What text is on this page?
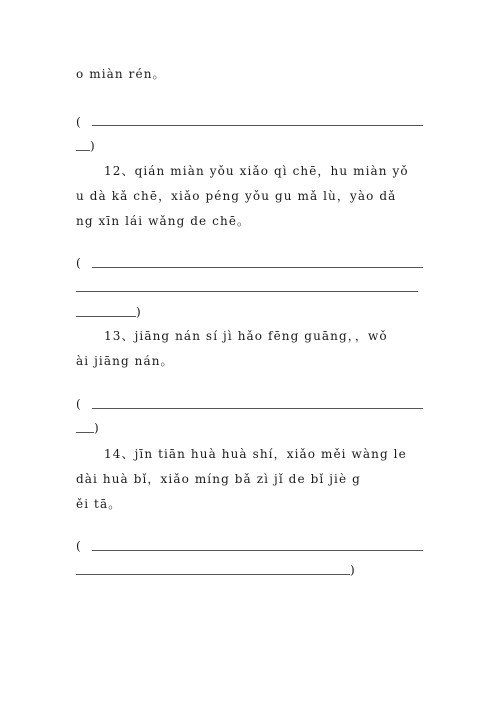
o miàn rén。
(
)
12、qián miàn yǒu xiǎo qì chē，hu miàn yǒ
u dà kǎ chē，xiǎo péng yǒu gu mǎ lù，yào dǎ
ng xīn lái wǎng de chē。
(
)
13、jiāng nán sí jì hǎo fēng guāng，，wǒ
ài jiāng nán。
(
)
14、jīn tiān huà huà shí，xiǎo měi wàng le
dài huà bǐ，xiǎo míng bǎ zì jǐ de bǐ jiè g
ěi tā。
(
)
